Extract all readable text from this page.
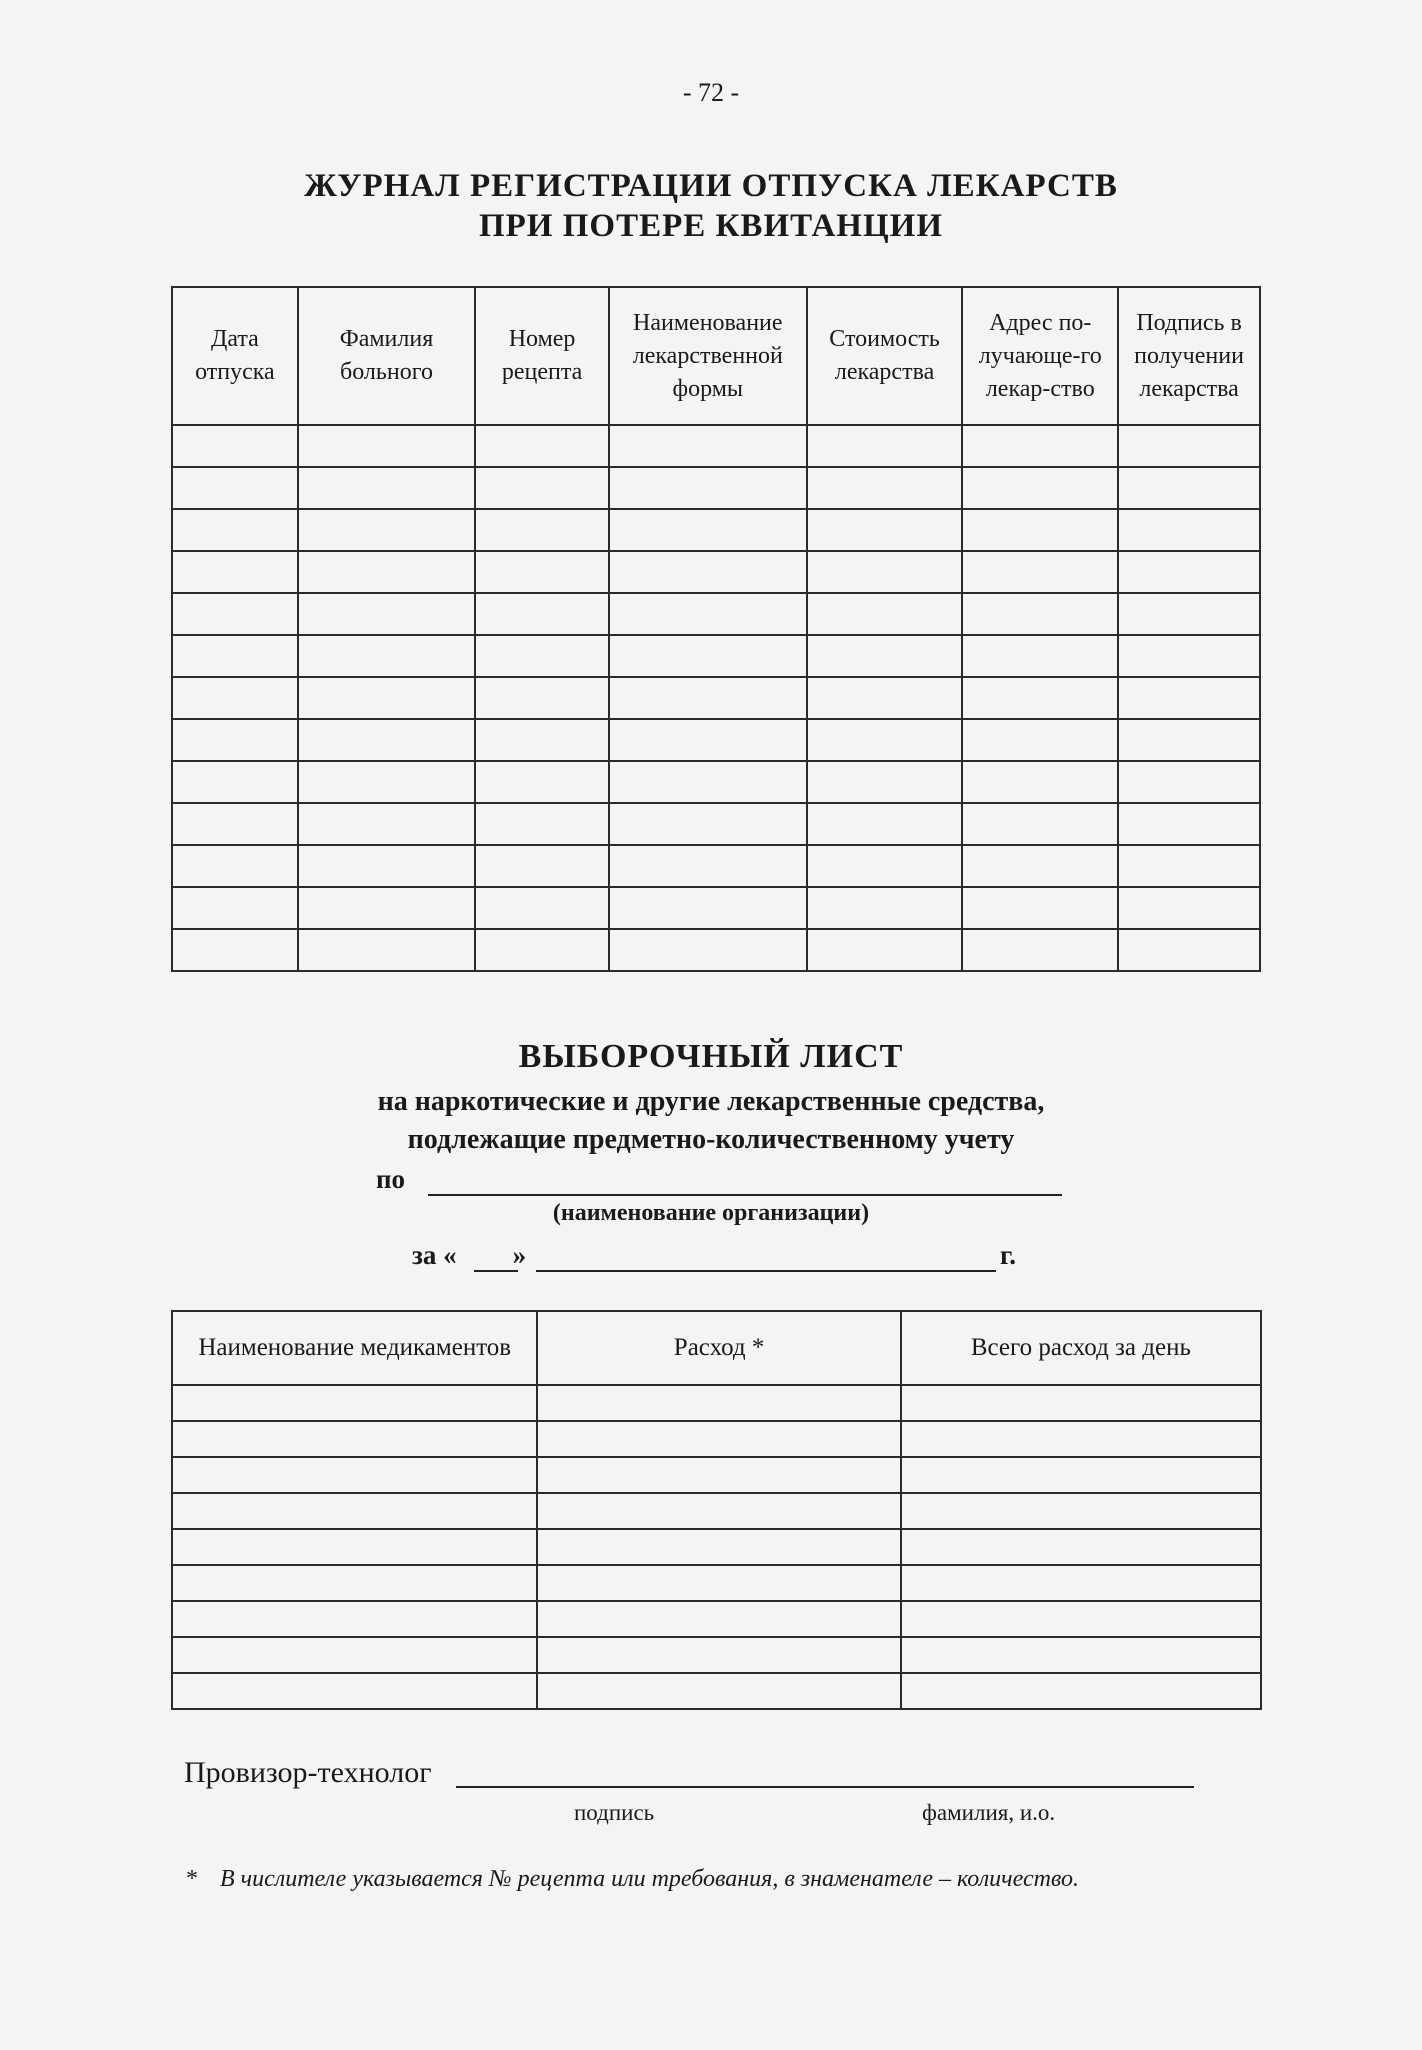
- 72 -
ЖУРНАЛ РЕГИСТРАЦИИ ОТПУСКА ЛЕКАРСТВ
ПРИ ПОТЕРЕ КВИТАНЦИИ
Дата отпуска	Фамилия больного	Номер рецепта	Наименование лекарственной формы	Стоимость лекарства	Адрес по-лучающе-го лекар-ство	Подпись в получении лекарства

ВЫБОРОЧНЫЙ ЛИСТ
на наркотические и другие лекарственные средства,
подлежащие предметно-количественному учету
по
(наименование организации)
за « »	г.
Наименование медикаментов	Расход *	Всего расход за день

Провизор-технолог
подпись	фамилия, и.о.
* В числителе указывается № рецепта или требования, в знаменателе – количество.
